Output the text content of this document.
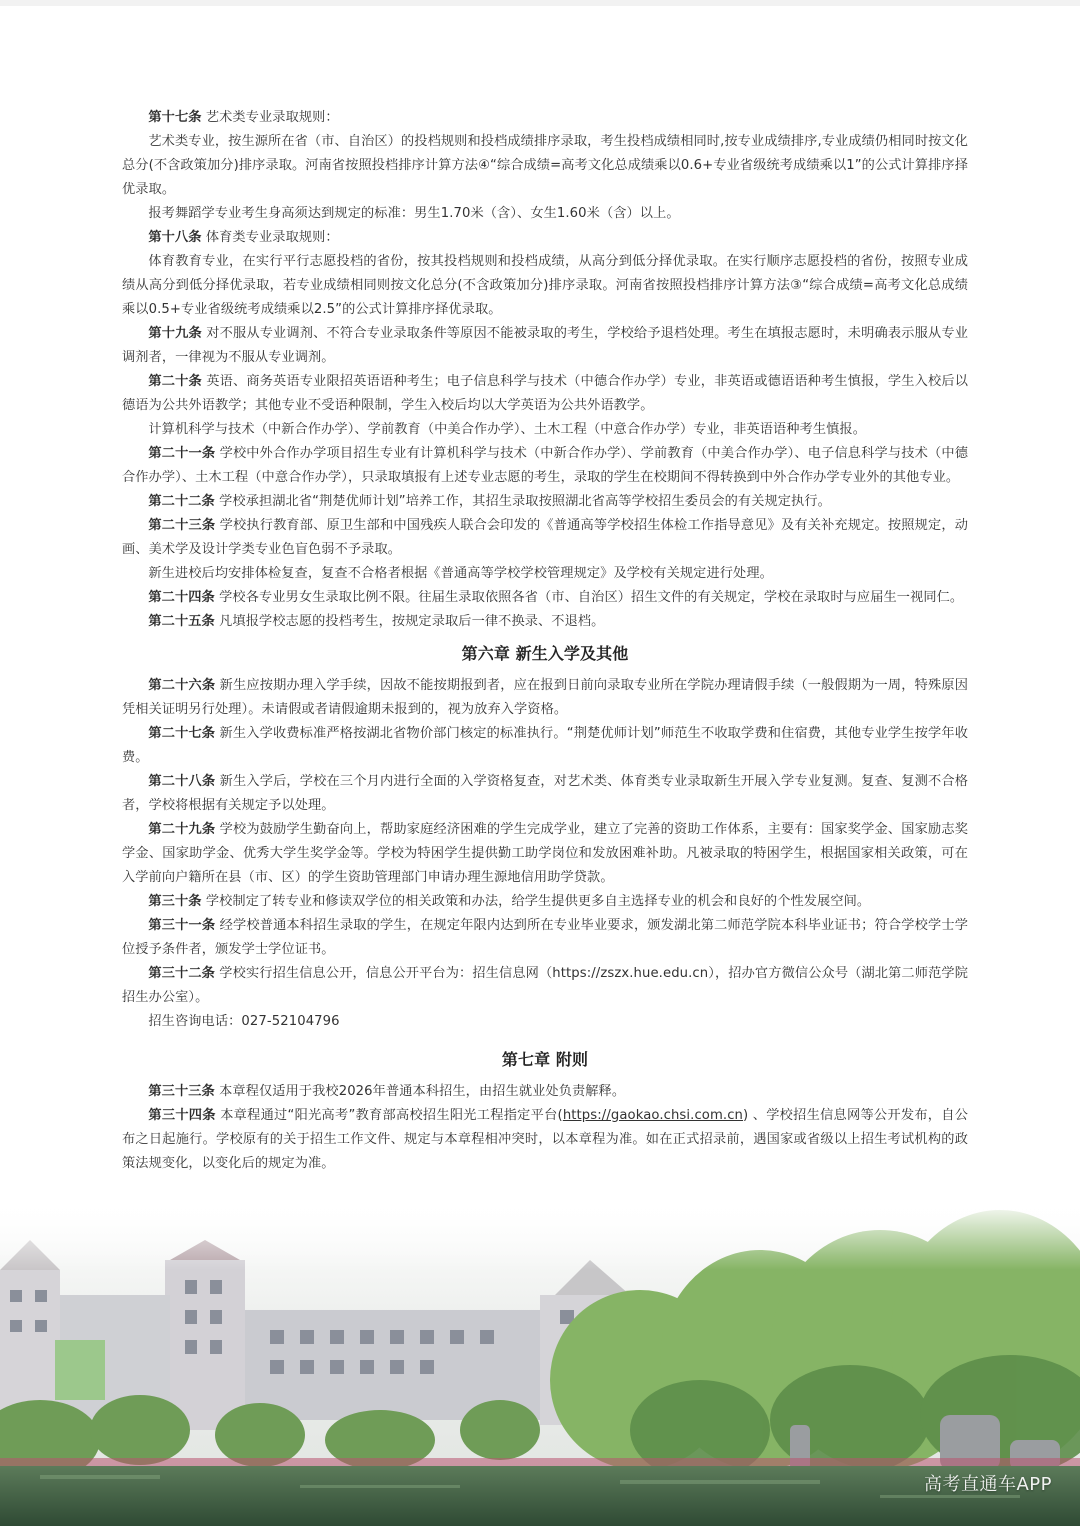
第十七条 艺术类专业录取规则：

艺术类专业，按生源所在省（市、自治区）的投档规则和投档成绩排序录取，考生投档成绩相同时,按专业成绩排序,专业成绩仍相同时按文化总分(不含政策加分)排序录取。河南省按照投档排序计算方法④“综合成绩=高考文化总成绩乘以0.6+专业省级统考成绩乘以1”的公式计算排序择优录取。

报考舞蹈学专业考生身高须达到规定的标准：男生1.70米（含）、女生1.60米（含）以上。

第十八条 体育类专业录取规则：

体育教育专业，在实行平行志愿投档的省份，按其投档规则和投档成绩，从高分到低分择优录取。在实行顺序志愿投档的省份，按照专业成绩从高分到低分择优录取，若专业成绩相同则按文化总分(不含政策加分)排序录取。河南省按照投档排序计算方法③“综合成绩=高考文化总成绩乘以0.5+专业省级统考成绩乘以2.5”的公式计算排序择优录取。

第十九条 对不服从专业调剂、不符合专业录取条件等原因不能被录取的考生，学校给予退档处理。考生在填报志愿时，未明确表示服从专业调剂者，一律视为不服从专业调剂。

第二十条 英语、商务英语专业限招英语语种考生；电子信息科学与技术（中德合作办学）专业，非英语或德语语种考生慎报，学生入校后以德语为公共外语教学；其他专业不受语种限制，学生入校后均以大学英语为公共外语教学。

计算机科学与技术（中新合作办学）、学前教育（中美合作办学）、土木工程（中意合作办学）专业，非英语语种考生慎报。

第二十一条 学校中外合作办学项目招生专业有计算机科学与技术（中新合作办学）、学前教育（中美合作办学）、电子信息科学与技术（中德合作办学）、土木工程（中意合作办学），只录取填报有上述专业志愿的考生，录取的学生在校期间不得转换到中外合作办学专业外的其他专业。

第二十二条 学校承担湖北省“荆楚优师计划”培养工作，其招生录取按照湖北省高等学校招生委员会的有关规定执行。

第二十三条 学校执行教育部、原卫生部和中国残疾人联合会印发的《普通高等学校招生体检工作指导意见》及有关补充规定。按照规定，动画、美术学及设计学类专业色盲色弱不予录取。

新生进校后均安排体检复查，复查不合格者根据《普通高等学校学校管理规定》及学校有关规定进行处理。

第二十四条 学校各专业男女生录取比例不限。往届生录取依照各省（市、自治区）招生文件的有关规定，学校在录取时与应届生一视同仁。

第二十五条 凡填报学校志愿的投档考生，按规定录取后一律不换录、不退档。

第六章 新生入学及其他

第二十六条 新生应按期办理入学手续，因故不能按期报到者，应在报到日前向录取专业所在学院办理请假手续（一般假期为一周，特殊原因凭相关证明另行处理）。未请假或者请假逾期未报到的，视为放弃入学资格。

第二十七条 新生入学收费标准严格按湖北省物价部门核定的标准执行。“荆楚优师计划”师范生不收取学费和住宿费，其他专业学生按学年收费。

第二十八条 新生入学后，学校在三个月内进行全面的入学资格复查，对艺术类、体育类专业录取新生开展入学专业复测。复查、复测不合格者，学校将根据有关规定予以处理。

第二十九条 学校为鼓励学生勤奋向上，帮助家庭经济困难的学生完成学业，建立了完善的资助工作体系，主要有：国家奖学金、国家励志奖学金、国家助学金、优秀大学生奖学金等。学校为特困学生提供勤工助学岗位和发放困难补助。凡被录取的特困学生，根据国家相关政策，可在入学前向户籍所在县（市、区）的学生资助管理部门申请办理生源地信用助学贷款。

第三十条 学校制定了转专业和修读双学位的相关政策和办法，给学生提供更多自主选择专业的机会和良好的个性发展空间。

第三十一条 经学校普通本科招生录取的学生，在规定年限内达到所在专业毕业要求，颁发湖北第二师范学院本科毕业证书；符合学校学士学位授予条件者，颁发学士学位证书。

第三十二条 学校实行招生信息公开，信息公开平台为：招生信息网（https://zszx.hue.edu.cn），招办官方微信公众号（湖北第二师范学院招生办公室）。

招生咨询电话：027-52104796

第七章 附则

第三十三条 本章程仅适用于我校2026年普通本科招生，由招生就业处负责解释。

第三十四条 本章程通过“阳光高考”教育部高校招生阳光工程指定平台(https://gaokao.chsi.com.cn) 、学校招生信息网等公开发布，自公布之日起施行。学校原有的关于招生工作文件、规定与本章程相冲突时，以本章程为准。如在正式招录前，遇国家或省级以上招生考试机构的政策法规变化，以变化后的规定为准。

高考直通车APP
